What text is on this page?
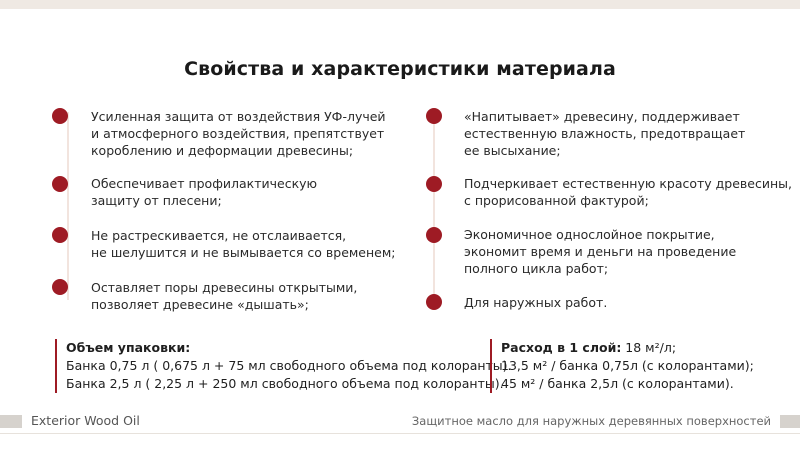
Свойства и характеристики материала
Усиленная защита от воздействия УФ-лучей
и атмосферного воздействия, препятствует
короблению и деформации древесины;
Обеспечивает профилактическую
защиту от плесени;
Не растрескивается, не отслаивается,
не шелушится и не вымывается со временем;
Оставляет поры древесины открытыми,
позволяет древесине «дышать»;
«Напитывает» древесину, поддерживает
естественную влажность, предотвращает
ее высыхание;
Подчеркивает естественную красоту древесины,
с прорисованной фактурой;
Экономичное однослойное покрытие,
экономит время и деньги на проведение
полного цикла работ;
Для наружных работ.
Объем упаковки:
Банка 0,75 л ( 0,675 л + 75 мл свободного объема под колоранты).
Банка 2,5 л ( 2,25 л + 250 мл свободного объема под колоранты).
Расход в 1 слой: 18 м²/л;
13,5 м² / банка 0,75л (с колорантами);
45 м² / банка 2,5л (с колорантами).
Exterior Wood Oil	Защитное масло для наружных деревянных поверхностей
